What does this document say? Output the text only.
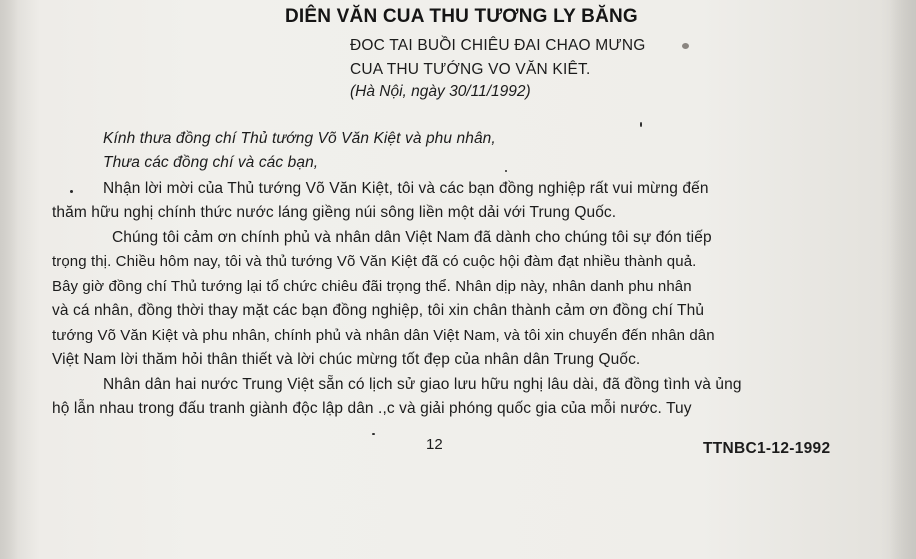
DIÊN VĂN CUA THU TƯƠNG LY BĂNG
ĐOC TAI BUỒI CHIÊU ĐAI CHAO MƯNG
CUA THU TƯỚNG VO VĂN KIÊT.
(Hà Nội, ngày 30/11/1992)
Kính thưa đồng chí Thủ tướng Võ Văn Kiệt và phu nhân,
Thưa các đồng chí và các bạn,
Nhận lời mời của Thủ tướng Võ Văn Kiệt, tôi và các bạn đồng nghiệp rất vui mừng đến
thăm hữu nghị chính thức nước láng giềng núi sông liền một dải với Trung Quốc.
Chúng tôi cảm ơn chính phủ và nhân dân Việt Nam đã dành cho chúng tôi sự đón tiếp
trọng thị. Chiều hôm nay, tôi và thủ tướng Võ Văn Kiệt đã có cuộc hội đàm đạt nhiều thành quả.
Bây giờ đồng chí Thủ tướng lại tổ chức chiêu đãi trọng thể. Nhân dịp này, nhân danh phu nhân
và cá nhân, đồng thời thay mặt các bạn đồng nghiệp, tôi xin chân thành cảm ơn đồng chí Thủ
tướng Võ Văn Kiệt và phu nhân, chính phủ và nhân dân Việt Nam, và tôi xin chuyển đến nhân dân
Việt Nam lời thăm hỏi thân thiết và lời chúc mừng tốt đẹp của nhân dân Trung Quốc.
Nhân dân hai nước Trung Việt sẵn có lịch sử giao lưu hữu nghị lâu dài, đã đồng tình và ủng
hộ lẫn nhau trong đấu tranh giành độc lập dân .,c và giải phóng quốc gia của mỗi nước. Tuy
12	TTNBC1-12-1992
